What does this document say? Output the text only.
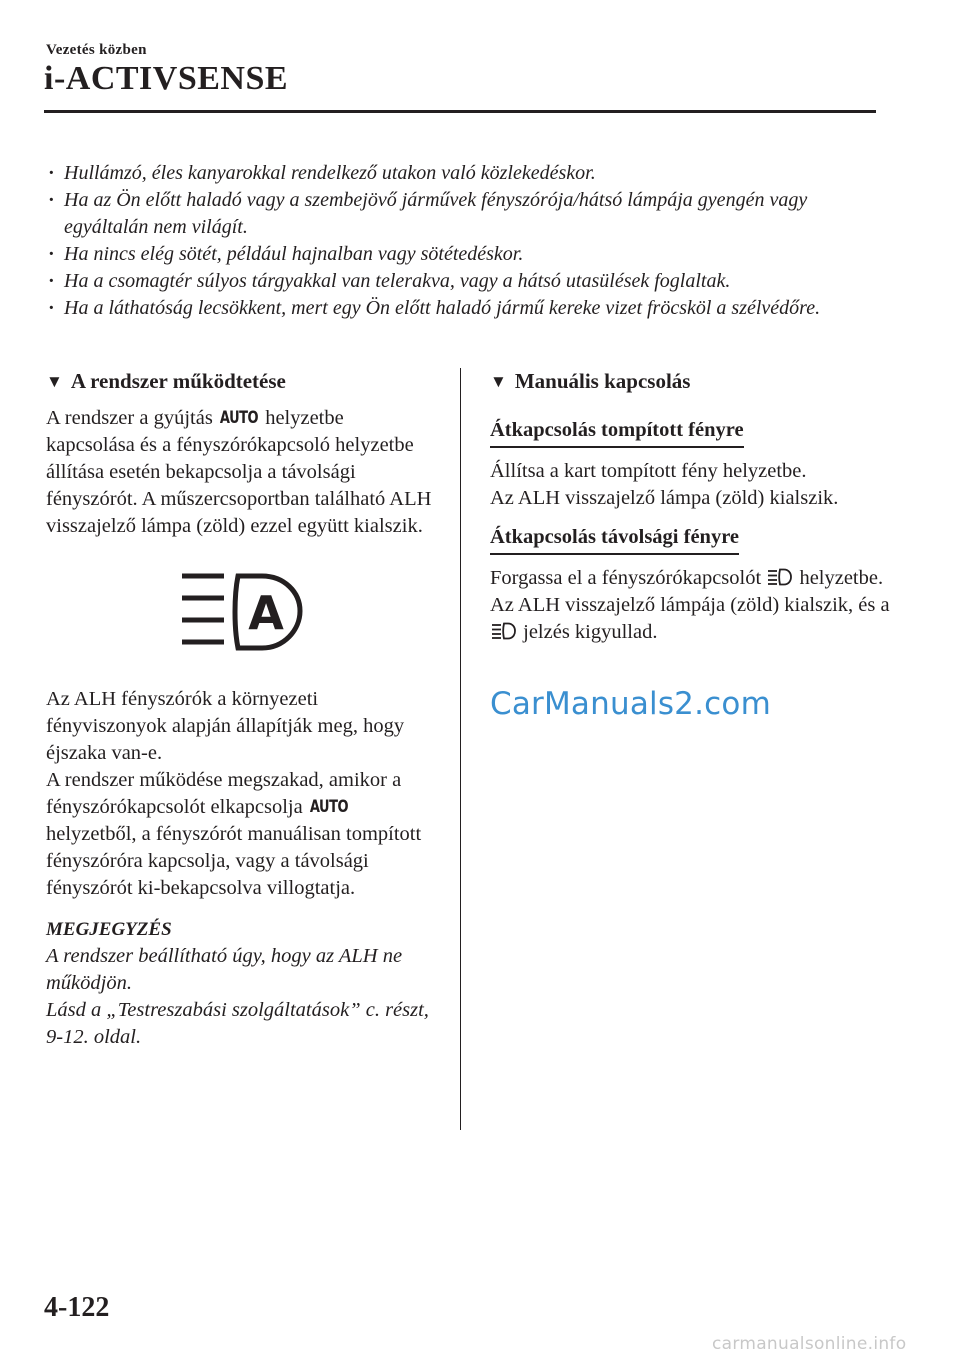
Vezetés közben
i-ACTIVSENSE

· Hullámzó, éles kanyarokkal rendelkező utakon való közlekedéskor.

· Ha az Ön előtt haladó vagy a szembejövő járművek fényszórója/hátsó lámpája gyengén vagy egyáltalán nem világít.

· Ha nincs elég sötét, például hajnalban vagy sötétedéskor.

· Ha a csomagtér súlyos tárgyakkal van telerakva, vagy a hátsó utasülések foglaltak.

· Ha a láthatóság lecsökkent, mert egy Ön előtt haladó jármű kereke vizet fröcsköl a szélvédőre.

▼ A rendszer működtetése

A rendszer a gyújtás AUTO helyzetbe kapcsolása és a fényszórókapcsoló helyzetbe állítása esetén bekapcsolja a távolsági fényszórót. A műszercsoportban található ALH visszajelző lámpa (zöld) ezzel együtt kialszik.

A

Az ALH fényszórók a környezeti fényviszonyok alapján állapítják meg, hogy éjszaka van-e.

A rendszer működése megszakad, amikor a fényszórókapcsolót elkapcsolja AUTO helyzetből, a fényszórót manuálisan tompított fényszóróra kapcsolja, vagy a távolsági fényszórót ki-bekapcsolva villogtatja.

MEGJEGYZÉS

A rendszer beállítható úgy, hogy az ALH ne működjön.

Lásd a „Testreszabási szolgáltatások” c. részt, 9-12. oldal.

▼ Manuális kapcsolás
Átkapcsolás tompított fényre

Állítsa a kart tompított fény helyzetbe.

Az ALH visszajelző lámpa (zöld) kialszik.

Átkapcsolás távolsági fényre

Forgassa el a fényszórókapcsolót  helyzetbe.

Az ALH visszajelző lámpája (zöld) kialszik, és a  jelzés kigyullad.

CarManuals2.com
4-122
carmanualsonline.info
